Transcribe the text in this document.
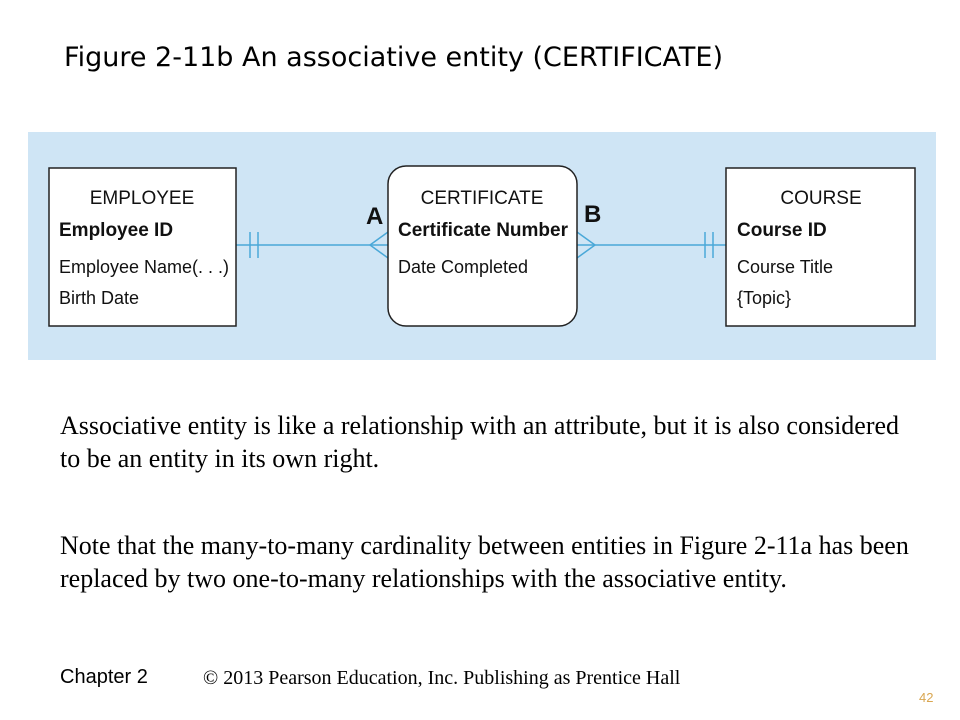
Figure 2-11b An associative entity (CERTIFICATE)
EMPLOYEE
Employee ID
Employee Name(. . .)
Birth Date
CERTIFICATE
Certificate Number
Date Completed
COURSE
Course ID
Course Title
{Topic}
A	B
Associative entity is like a relationship with an attribute, but it is also considered to be an entity in its own right.
Note that the many-to-many cardinality between entities in Figure 2-11a has been replaced by two one-to-many relationships with the associative entity.
Chapter 2	© 2013 Pearson Education, Inc. Publishing as Prentice Hall
42
